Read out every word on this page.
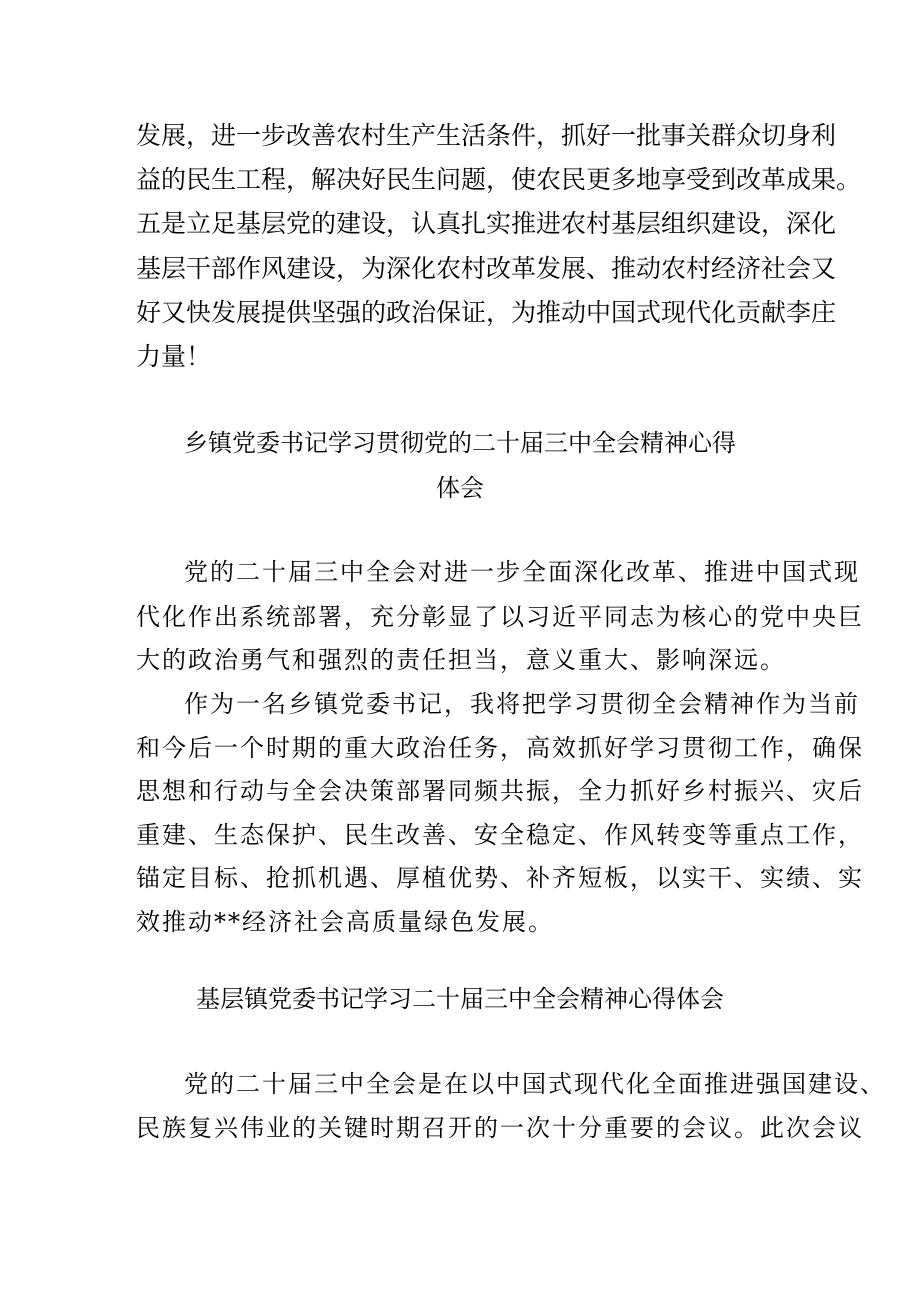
发展，进一步改善农村生产生活条件，抓好一批事关群众切身利
益的民生工程，解决好民生问题，使农民更多地享受到改革成果。
五是立足基层党的建设，认真扎实推进农村基层组织建设，深化
基层干部作风建设，为深化农村改革发展、推动农村经济社会又
好又快发展提供坚强的政治保证，为推动中国式现代化贡献李庄
力量！
乡镇党委书记学习贯彻党的二十届三中全会精神心得
体会
党的二十届三中全会对进一步全面深化改革、推进中国式现
代化作出系统部署，充分彰显了以习近平同志为核心的党中央巨
大的政治勇气和强烈的责任担当，意义重大、影响深远。
作为一名乡镇党委书记，我将把学习贯彻全会精神作为当前
和今后一个时期的重大政治任务，高效抓好学习贯彻工作，确保
思想和行动与全会决策部署同频共振，全力抓好乡村振兴、灾后
重建、生态保护、民生改善、安全稳定、作风转变等重点工作，
锚定目标、抢抓机遇、厚植优势、补齐短板，以实干、实绩、实
效推动**经济社会高质量绿色发展。
基层镇党委书记学习二十届三中全会精神心得体会
党的二十届三中全会是在以中国式现代化全面推进强国建设、
民族复兴伟业的关键时期召开的一次十分重要的会议。此次会议
